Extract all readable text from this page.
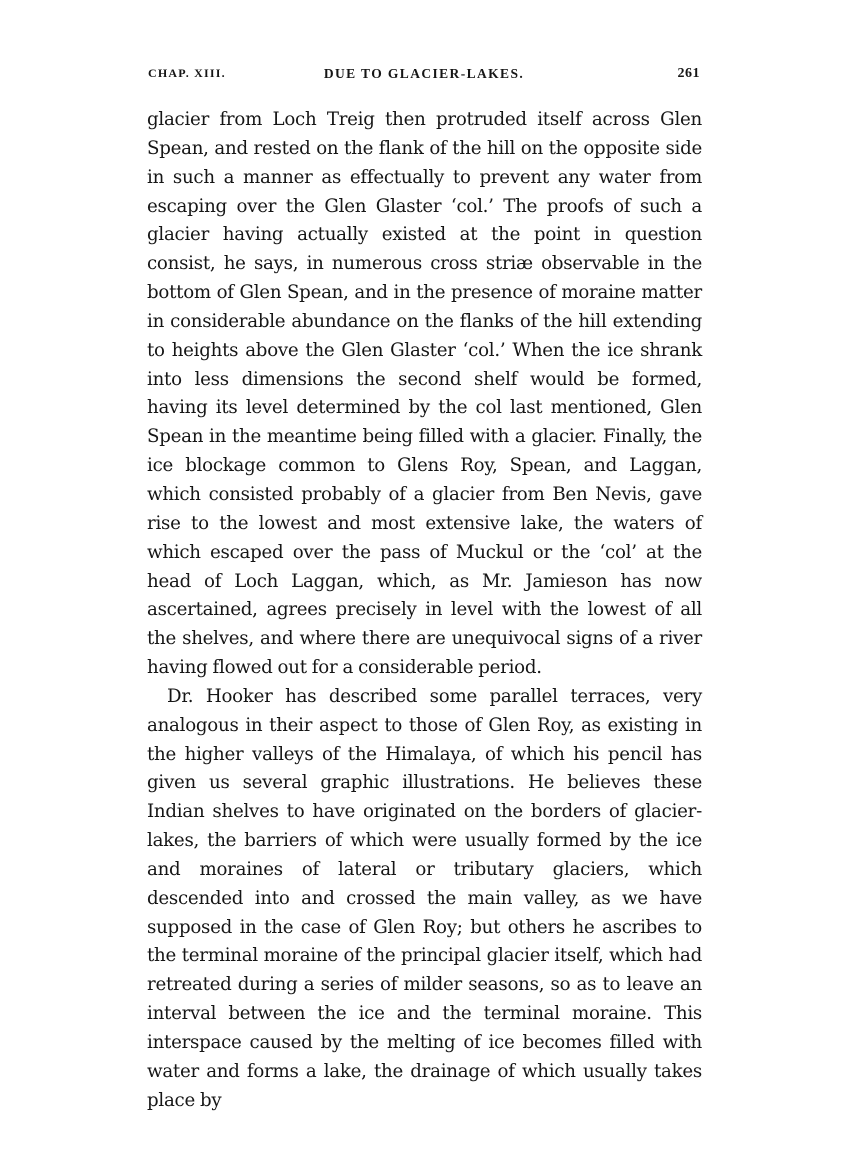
CHAP. XIII.	DUE TO GLACIER-LAKES.	261

glacier from Loch Treig then protruded itself across Glen Spean, and rested on the flank of the hill on the opposite side in such a manner as effectually to prevent any water from escaping over the Glen Glaster ‘col.’ The proofs of such a glacier having actually existed at the point in question consist, he says, in numerous cross striæ observable in the bottom of Glen Spean, and in the presence of moraine matter in considerable abundance on the flanks of the hill extending to heights above the Glen Glaster ‘col.’ When the ice shrank into less dimensions the second shelf would be formed, having its level determined by the col last mentioned, Glen Spean in the meantime being filled with a glacier. Finally, the ice blockage common to Glens Roy, Spean, and Laggan, which consisted probably of a glacier from Ben Nevis, gave rise to the lowest and most extensive lake, the waters of which escaped over the pass of Muckul or the ‘col’ at the head of Loch Laggan, which, as Mr. Jamieson has now ascertained, agrees precisely in level with the lowest of all the shelves, and where there are unequivocal signs of a river having flowed out for a considerable period.

Dr. Hooker has described some parallel terraces, very analogous in their aspect to those of Glen Roy, as existing in the higher valleys of the Himalaya, of which his pencil has given us several graphic illustrations. He believes these Indian shelves to have originated on the borders of glacier-lakes, the barriers of which were usually formed by the ice and moraines of lateral or tributary glaciers, which descended into and crossed the main valley, as we have supposed in the case of Glen Roy; but others he ascribes to the terminal moraine of the principal glacier itself, which had retreated during a series of milder seasons, so as to leave an interval between the ice and the terminal moraine. This interspace caused by the melting of ice becomes filled with water and forms a lake, the drainage of which usually takes place by
